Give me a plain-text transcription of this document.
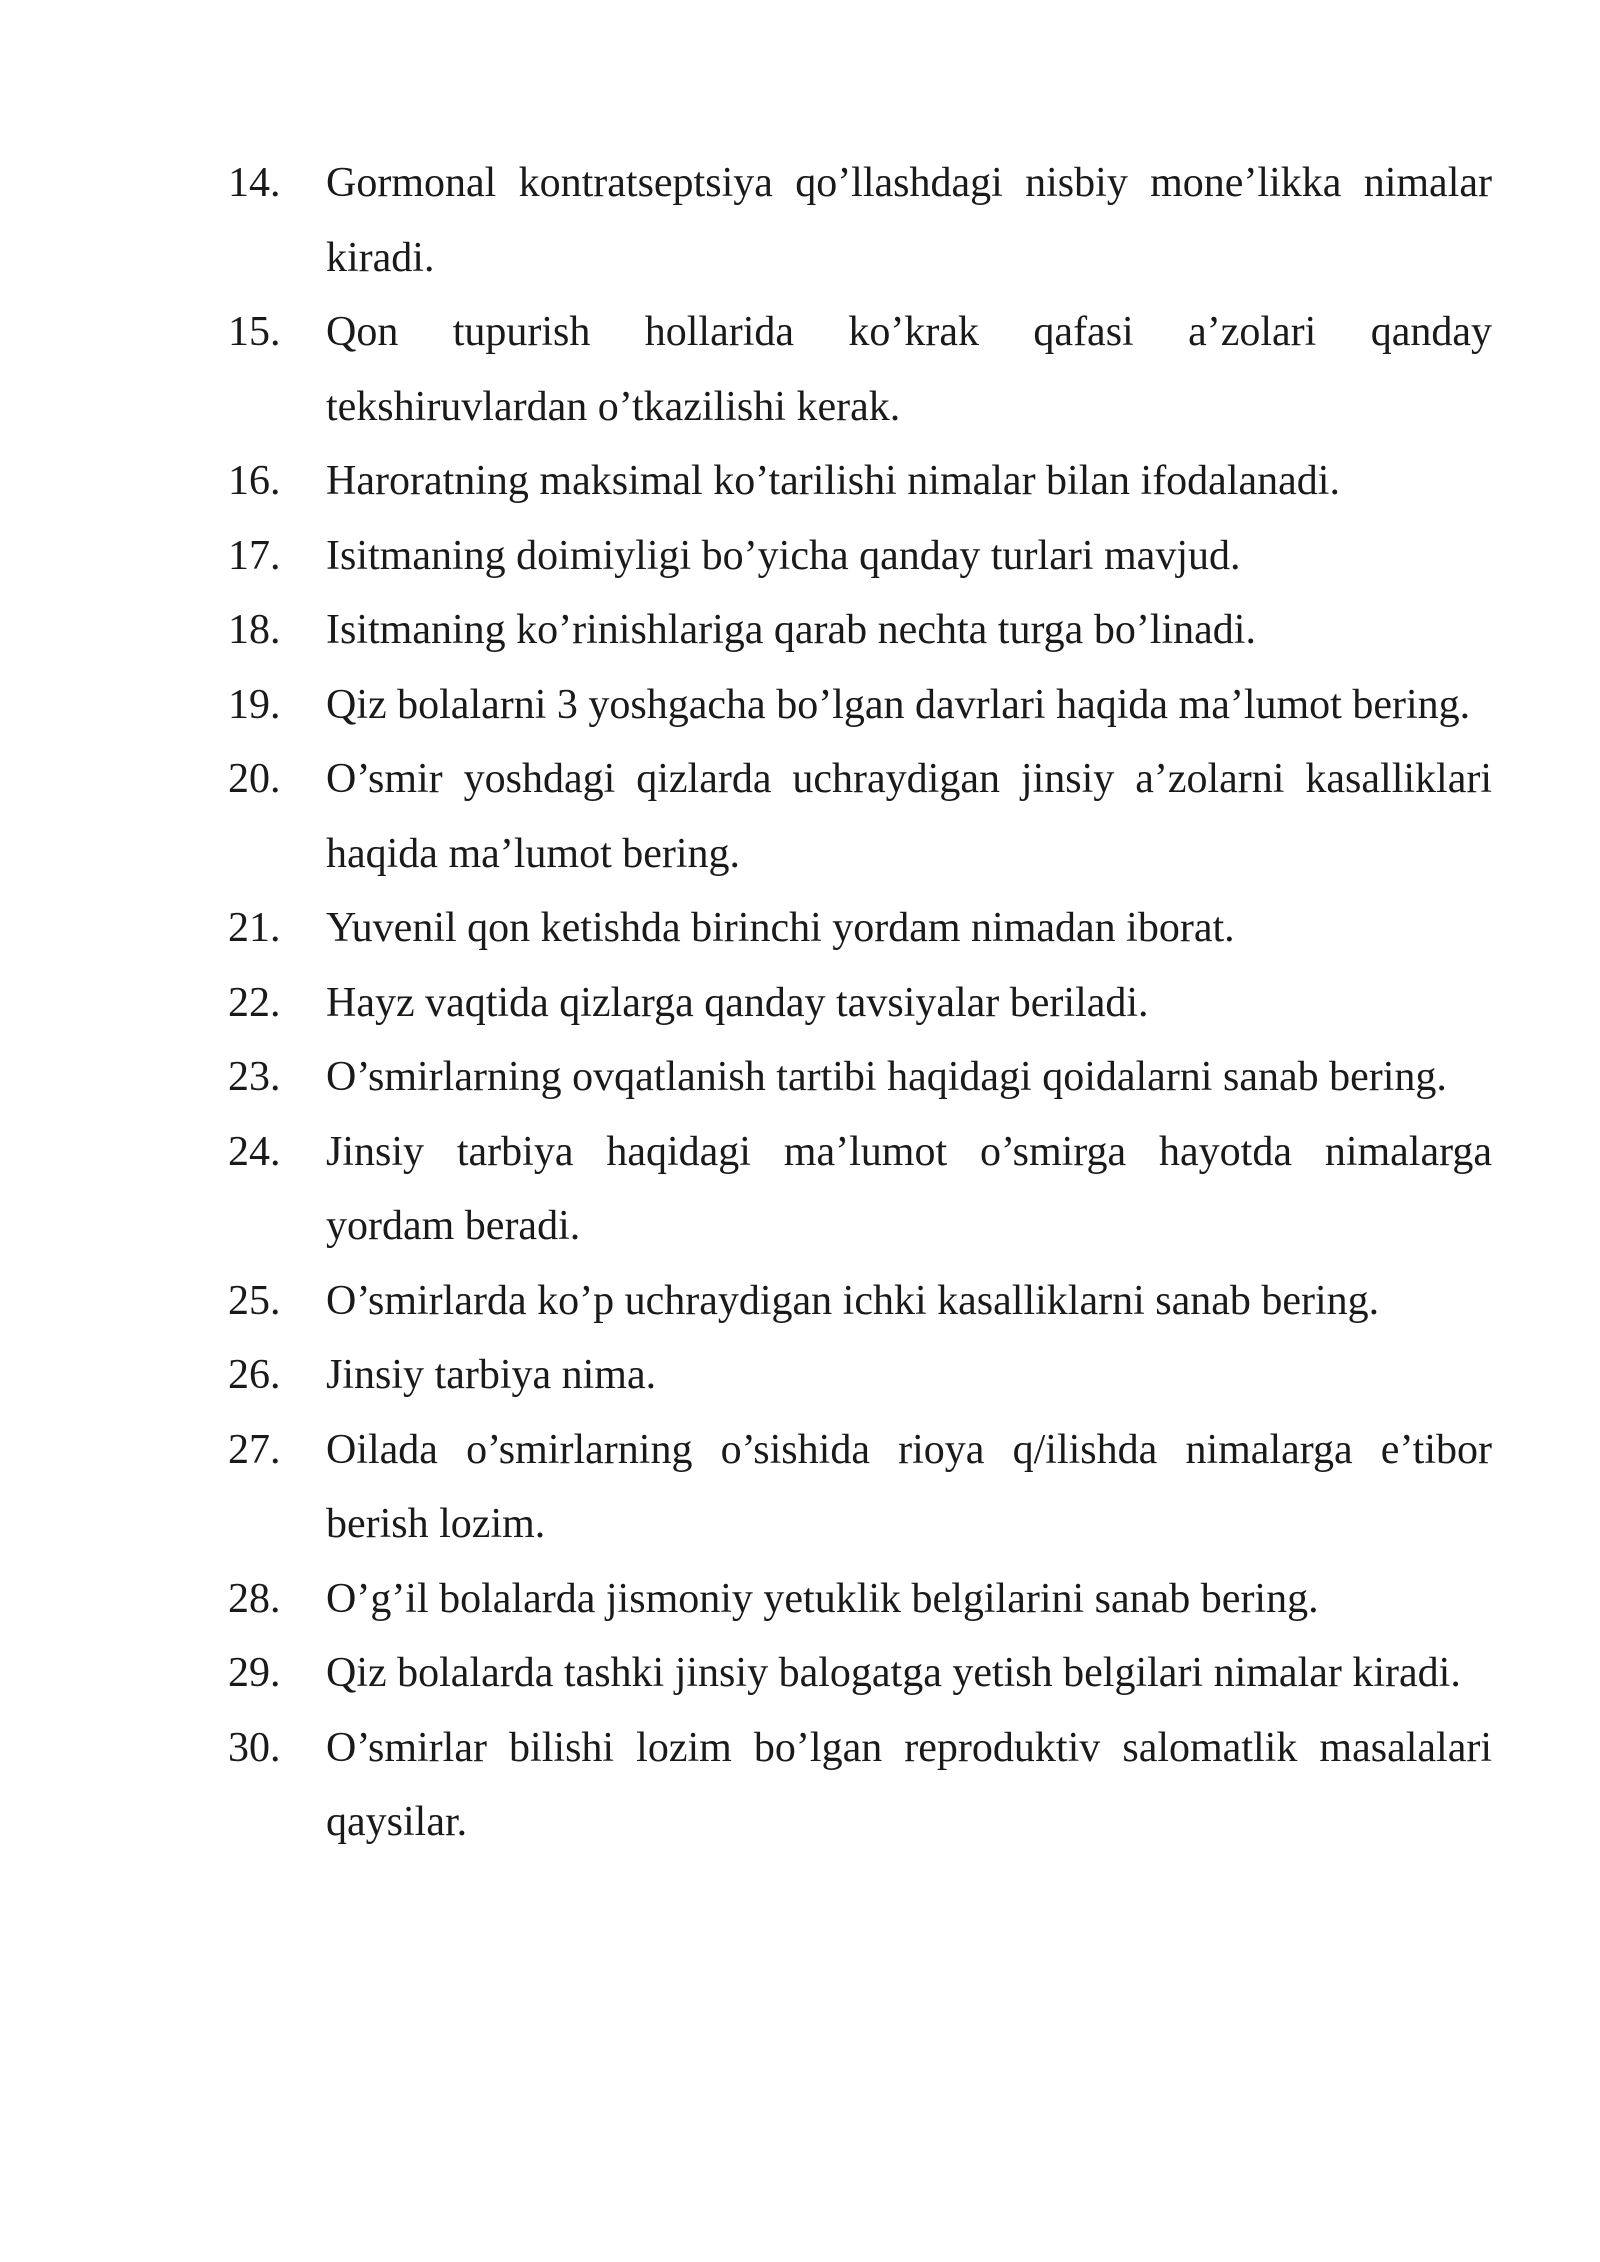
14.	Gormonal kontratseptsiya qo’llashdagi nisbiy mone’likka nimalar kiradi.
15.	Qon tupurish hollarida ko’krak qafasi a’zolari qanday tekshiruvlardan o’tkazilishi kerak.
16.	Haroratning maksimal ko’tarilishi nimalar bilan ifodalanadi.
17.	Isitmaning doimiyligi bo’yicha qanday turlari mavjud.
18.	Isitmaning ko’rinishlariga qarab nechta turga bo’linadi.
19.	Qiz bolalarni 3 yoshgacha bo’lgan davrlari haqida ma’lumot bering.
20.	O’smir yoshdagi qizlarda uchraydigan jinsiy a’zolarni kasalliklari haqida ma’lumot bering.
21.	Yuvenil qon ketishda birinchi yordam nimadan iborat.
22.	Hayz vaqtida qizlarga qanday tavsiyalar beriladi.
23.	O’smirlarning ovqatlanish tartibi haqidagi qoidalarni sanab bering.
24.	Jinsiy tarbiya haqidagi ma’lumot o’smirga hayotda nimalarga yordam beradi.
25.	O’smirlarda ko’p uchraydigan ichki kasalliklarni sanab bering.
26.	Jinsiy tarbiya nima.
27.	Oilada o’smirlarning o’sishida rioya q/ilishda nimalarga e’tibor berish lozim.
28.	O’g’il bolalarda jismoniy yetuklik belgilarini sanab bering.
29.	Qiz bolalarda tashki jinsiy balogatga yetish belgilari nimalar kiradi.
30.	O’smirlar bilishi lozim bo’lgan reproduktiv salomatlik masalalari qaysilar.
